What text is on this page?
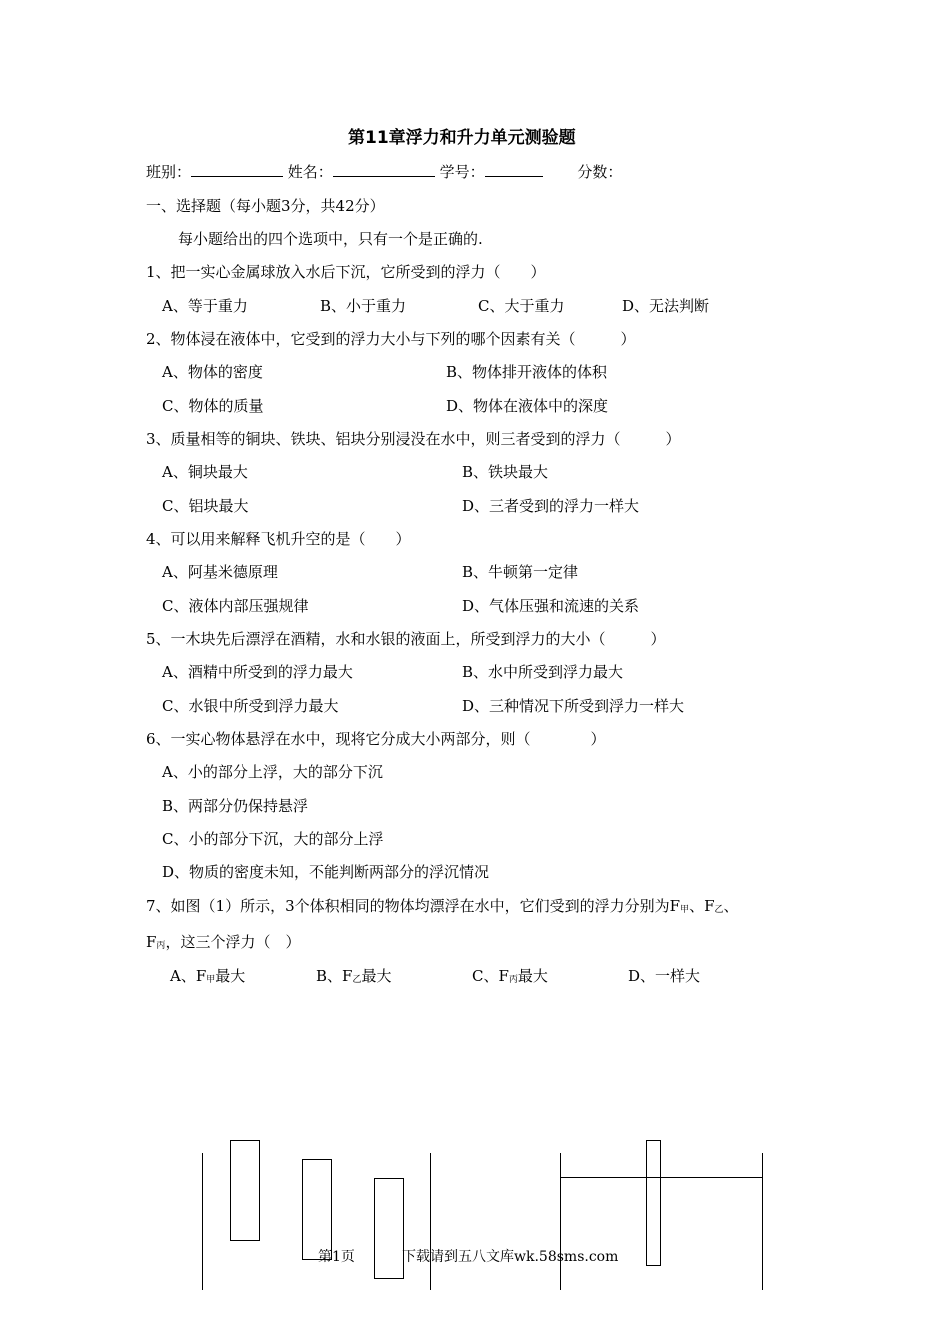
第11章浮力和升力单元测验题
班别：	姓名：	学号：	分数：
一、选择题（每小题3分，共42分）
每小题给出的四个选项中，只有一个是正确的.
1、把一实心金属球放入水后下沉，它所受到的浮力（　　）
A、等于重力	B、小于重力	C、大于重力	D、无法判断
2、物体浸在液体中，它受到的浮力大小与下列的哪个因素有关（　　　）
A、物体的密度	B、物体排开液体的体积
C、物体的质量	D、物体在液体中的深度
3、质量相等的铜块、铁块、铝块分别浸没在水中，则三者受到的浮力（　　　）
A、铜块最大	B、铁块最大
C、铝块最大	D、三者受到的浮力一样大
4、可以用来解释飞机升空的是（　　）
A、阿基米德原理	B、牛顿第一定律
C、液体内部压强规律	D、气体压强和流速的关系
5、一木块先后漂浮在酒精，水和水银的液面上，所受到浮力的大小（　　　）
A、酒精中所受到的浮力最大	B、水中所受到浮力最大
C、水银中所受到浮力最大	D、三种情况下所受到浮力一样大
6、一实心物体悬浮在水中，现将它分成大小两部分，则（　　　　）
A、小的部分上浮，大的部分下沉
B、两部分仍保持悬浮
C、小的部分下沉，大的部分上浮
D、物质的密度未知，不能判断两部分的浮沉情况
7、如图（1）所示，3个体积相同的物体均漂浮在水中，它们受到的浮力分别为F甲、F乙、
F丙，这三个浮力（　）
A、F甲最大	B、F乙最大	C、F丙最大	D、一样大
第1页	下载请到五八文库wk.58sms.com
